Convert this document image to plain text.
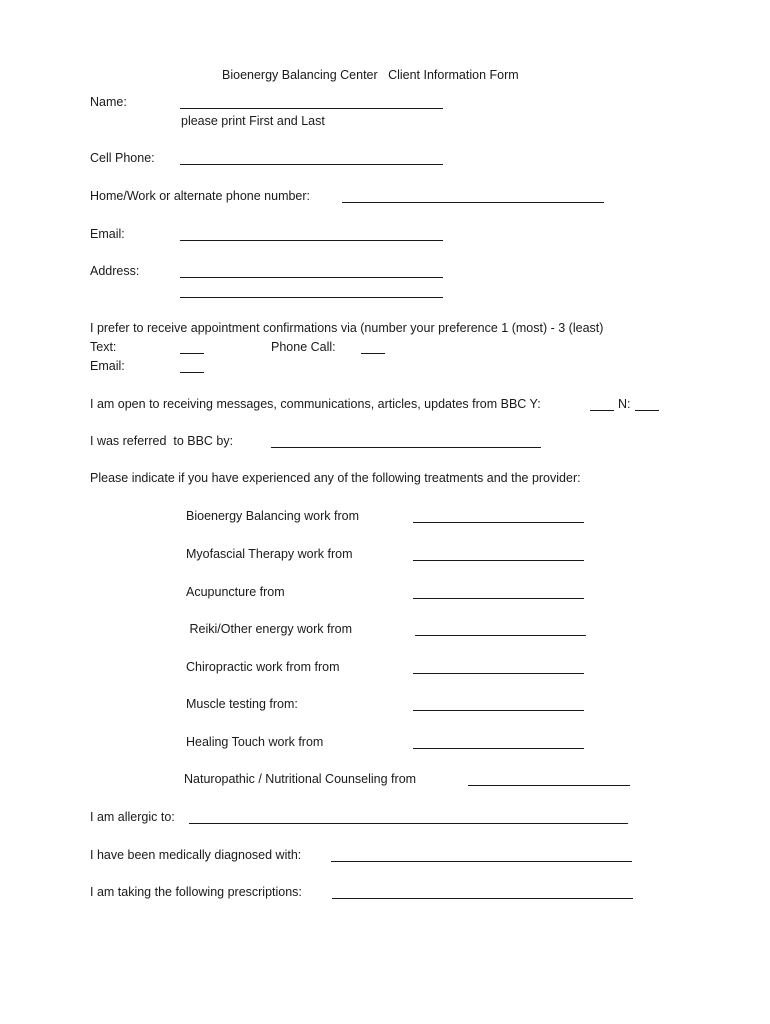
Bioenergy Balancing Center   Client Information Form
Name:
please print First and Last
Cell Phone:
Home/Work or alternate phone number:
Email:
Address:
I prefer to receive appointment confirmations via (number your preference 1 (most) - 3 (least)
Text:	Phone Call:
Email:
I am open to receiving messages, communications, articles, updates from BBC Y:	N:
I was referred  to BBC by:
Please indicate if you have experienced any of the following treatments and the provider:
Bioenergy Balancing work from
Myofascial Therapy work from
Acupuncture from
Reiki/Other energy work from
Chiropractic work from from
Muscle testing from:
Healing Touch work from
Naturopathic / Nutritional Counseling from
I am allergic to:
I have been medically diagnosed with:
I am taking the following prescriptions:
